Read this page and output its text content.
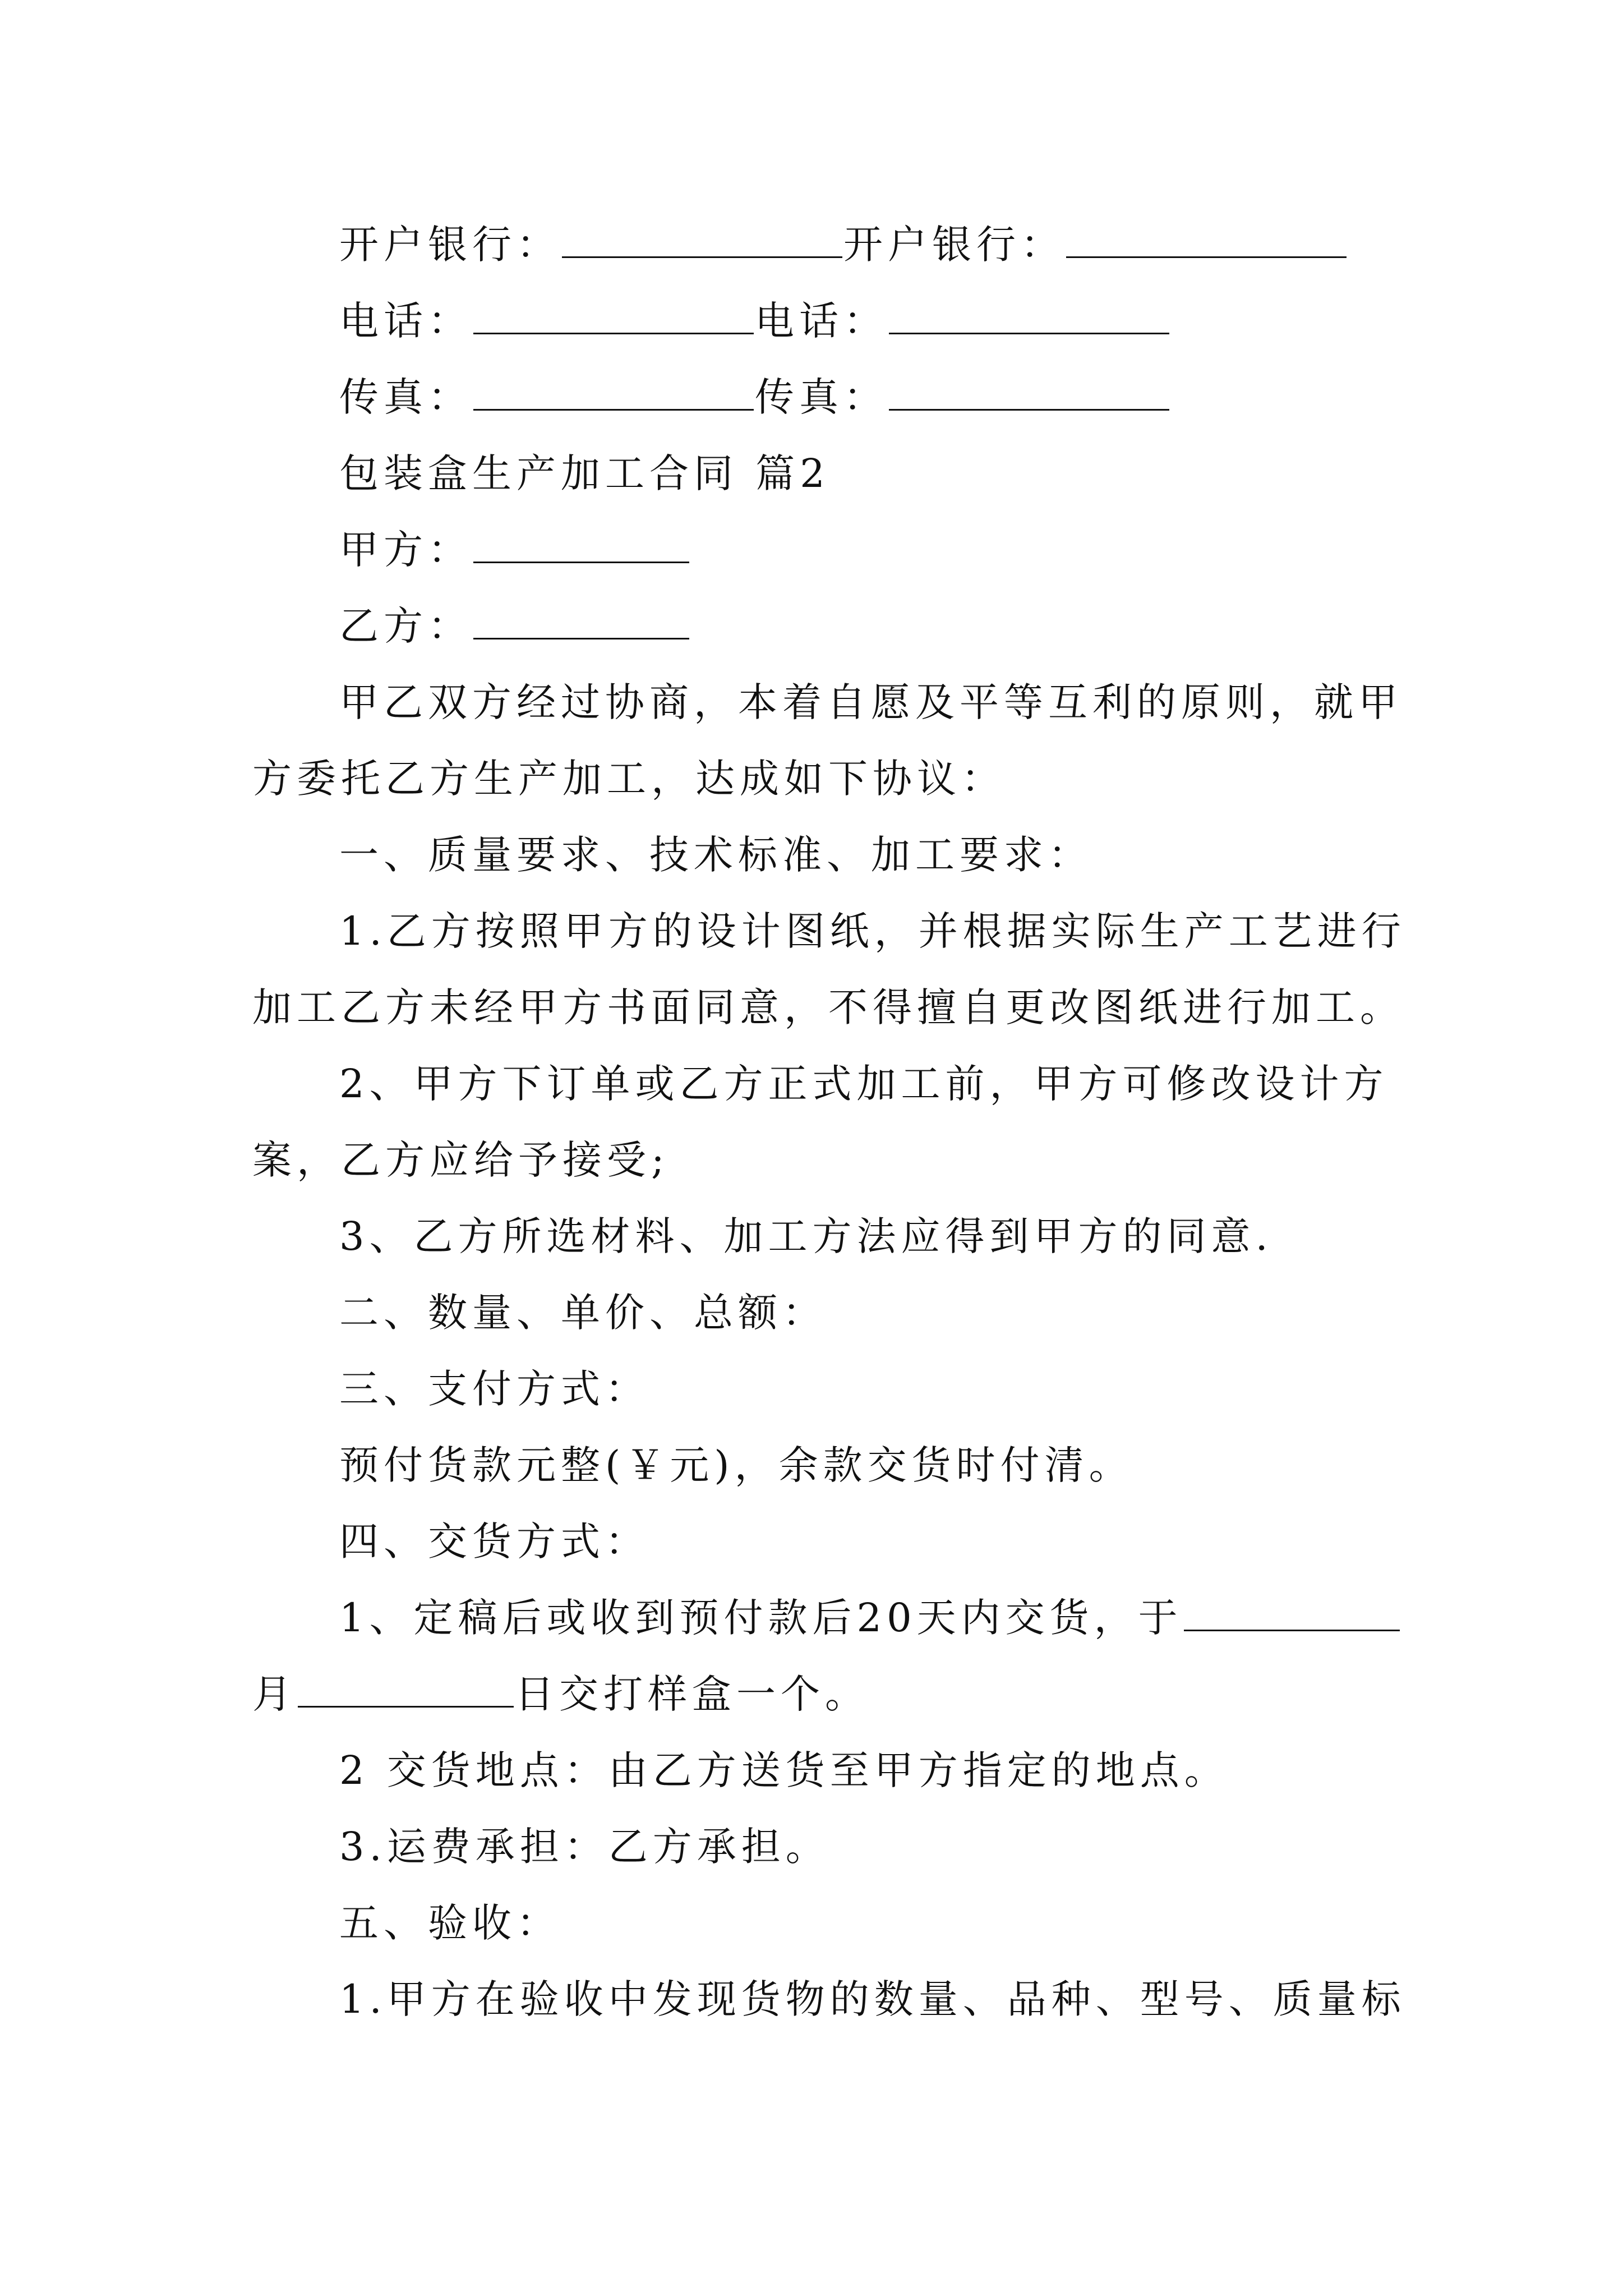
开户银行：	开户银行：
电话：	电话：
传真：	传真：
包装盒生产加工合同 篇2
甲方：
乙方：
甲乙双方经过协商，本着自愿及平等互利的原则，就甲
方委托乙方生产加工，达成如下协议：
一、质量要求、技术标准、加工要求：
1.乙方按照甲方的设计图纸，并根据实际生产工艺进行
加工乙方未经甲方书面同意，不得擅自更改图纸进行加工。
2、甲方下订单或乙方正式加工前，甲方可修改设计方
案，乙方应给予接受;
3、乙方所选材料、加工方法应得到甲方的同意.
二、数量、单价、总额：
三、支付方式：
预付货款元整(￥元)，余款交货时付清。
四、交货方式：
1、定稿后或收到预付款后20天内交货，于
月	日交打样盒一个。
2 交货地点：由乙方送货至甲方指定的地点。
3.运费承担：乙方承担。
五、验收：
1.甲方在验收中发现货物的数量、品种、型号、质量标
